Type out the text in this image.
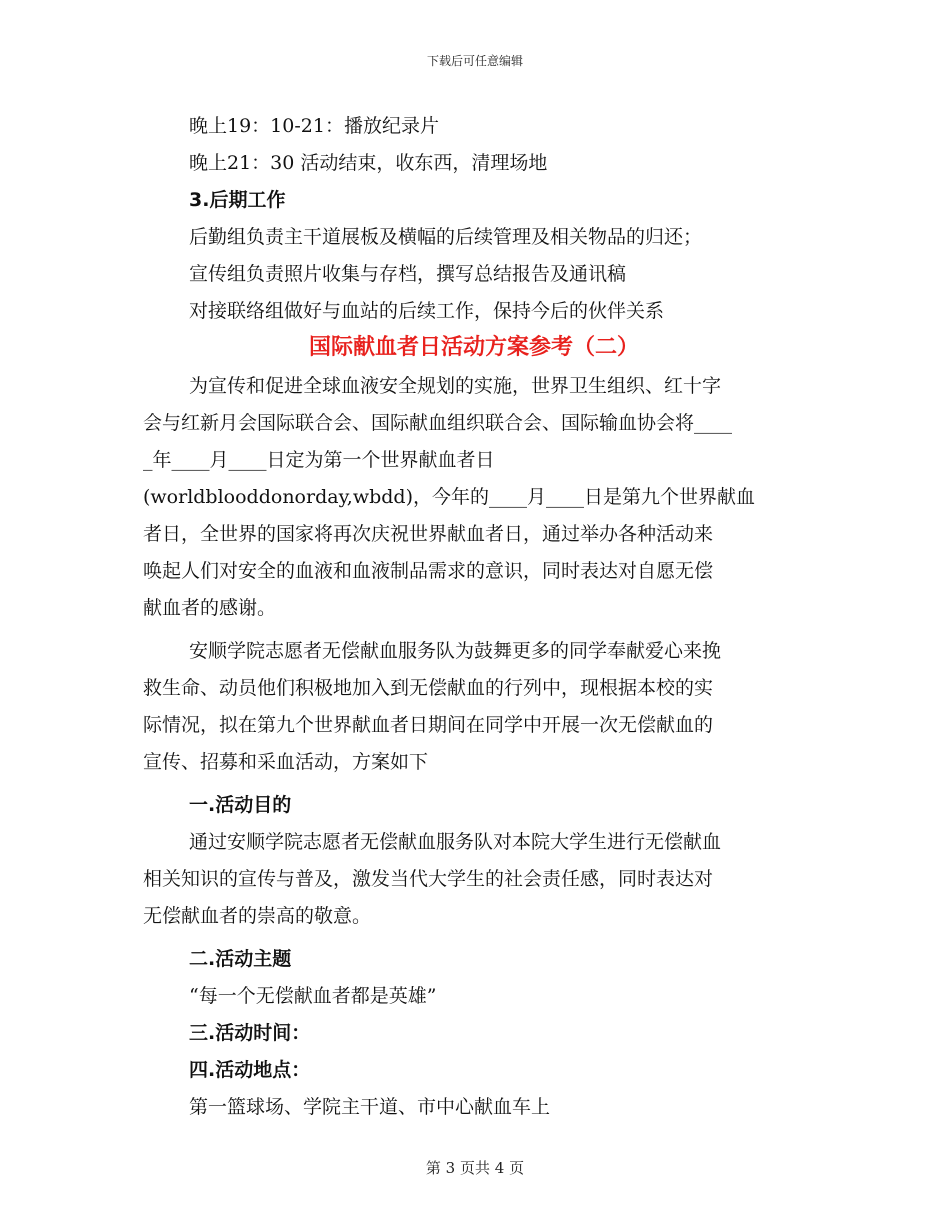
下载后可任意编辑
晚上19：10-21：播放纪录片
晚上21：30 活动结束，收东西，清理场地
3.后期工作
后勤组负责主干道展板及横幅的后续管理及相关物品的归还；
宣传组负责照片收集与存档，撰写总结报告及通讯稿
对接联络组做好与血站的后续工作，保持今后的伙伴关系
国际献血者日活动方案参考（二）
为宣传和促进全球血液安全规划的实施，世界卫生组织、红十字
会与红新月会国际联合会、国际献血组织联合会、国际输血协会将____
_年____月____日定为第一个世界献血者日
(worldblooddonorday,wbdd)，今年的____月____日是第九个世界献血
者日，全世界的国家将再次庆祝世界献血者日，通过举办各种活动来
唤起人们对安全的血液和血液制品需求的意识，同时表达对自愿无偿
献血者的感谢。
安顺学院志愿者无偿献血服务队为鼓舞更多的同学奉献爱心来挽
救生命、动员他们积极地加入到无偿献血的行列中，现根据本校的实
际情况，拟在第九个世界献血者日期间在同学中开展一次无偿献血的
宣传、招募和采血活动，方案如下
一.活动目的
通过安顺学院志愿者无偿献血服务队对本院大学生进行无偿献血
相关知识的宣传与普及，激发当代大学生的社会责任感，同时表达对
无偿献血者的崇高的敬意。
二.活动主题
“每一个无偿献血者都是英雄”
三.活动时间：
四.活动地点：
第一篮球场、学院主干道、市中心献血车上
第 3 页共 4 页
